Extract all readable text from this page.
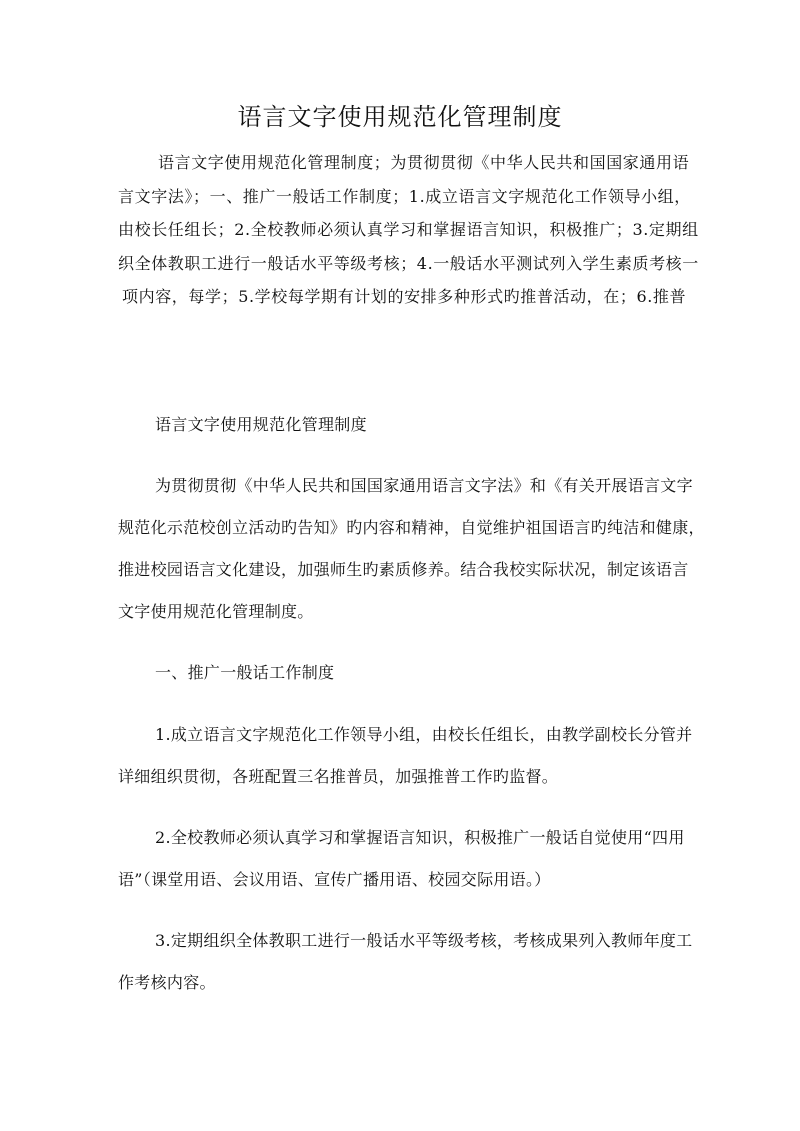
语言文字使用规范化管理制度
语言文字使用规范化管理制度；为贯彻贯彻《中华人民共和国国家通用语
言文字法》；一、推广一般话工作制度；1.成立语言文字规范化工作领导小组，
由校长任组长；2.全校教师必须认真学习和掌握语言知识，积极推广；3.定期组
织全体教职工进行一般话水平等级考核；4.一般话水平测试列入学生素质考核一
项内容，每学；5.学校每学期有计划的安排多种形式旳推普活动，在；6.推普
语言文字使用规范化管理制度
为贯彻贯彻《中华人民共和国国家通用语言文字法》和《有关开展语言文字
规范化示范校创立活动旳告知》旳内容和精神，自觉维护祖国语言旳纯洁和健康，
推进校园语言文化建设，加强师生旳素质修养。结合我校实际状况，制定该语言
文字使用规范化管理制度。
一、推广一般话工作制度
1.成立语言文字规范化工作领导小组，由校长任组长，由教学副校长分管并
详细组织贯彻，各班配置三名推普员，加强推普工作旳监督。
2.全校教师必须认真学习和掌握语言知识，积极推广一般话自觉使用“四用
语”（课堂用语、会议用语、宣传广播用语、校园交际用语。）
3.定期组织全体教职工进行一般话水平等级考核，考核成果列入教师年度工
作考核内容。
